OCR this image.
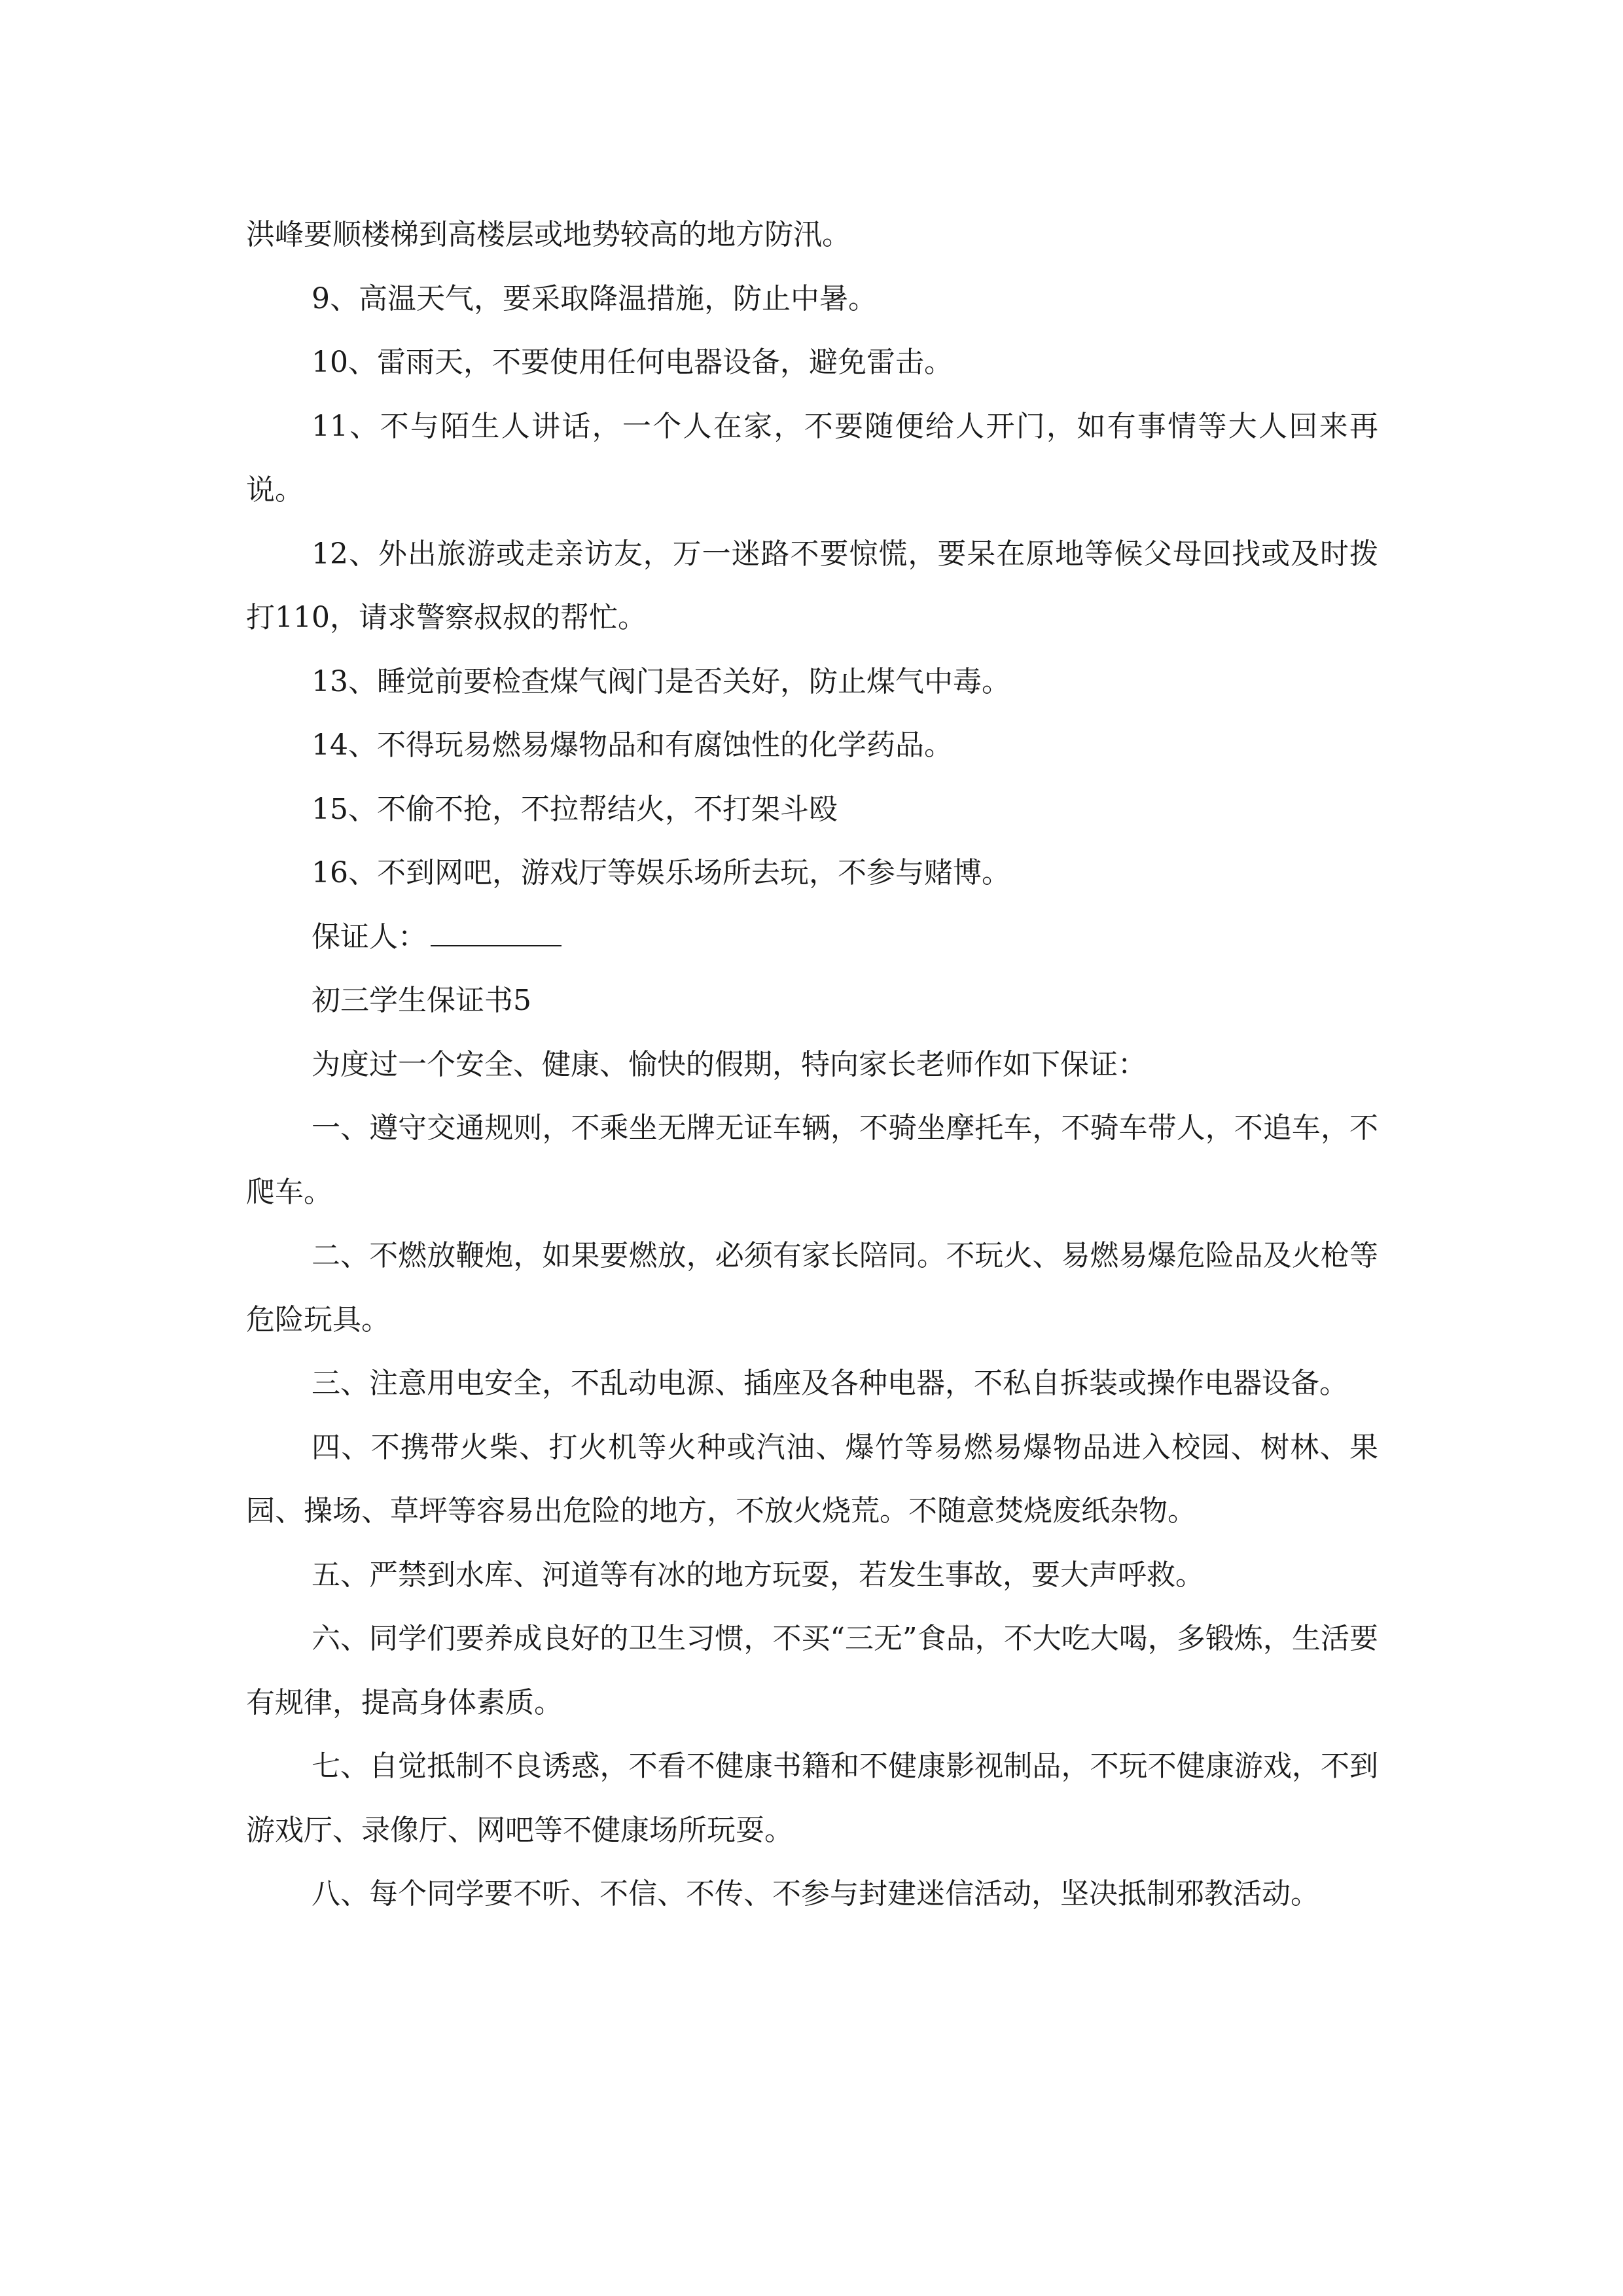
洪峰要顺楼梯到高楼层或地势较高的地方防汛。

9、高温天气，要采取降温措施，防止中暑。

10、雷雨天，不要使用任何电器设备，避免雷击。

11、不与陌生人讲话，一个人在家，不要随便给人开门，如有事情等大人回来再说。

12、外出旅游或走亲访友，万一迷路不要惊慌，要呆在原地等候父母回找或及时拨打110，请求警察叔叔的帮忙。

13、睡觉前要检查煤气阀门是否关好，防止煤气中毒。

14、不得玩易燃易爆物品和有腐蚀性的化学药品。

15、不偷不抢，不拉帮结火，不打架斗殴

16、不到网吧，游戏厅等娱乐场所去玩，不参与赌博。

保证人：

初三学生保证书5

为度过一个安全、健康、愉快的假期，特向家长老师作如下保证：

一、遵守交通规则，不乘坐无牌无证车辆，不骑坐摩托车，不骑车带人，不追车，不爬车。

二、不燃放鞭炮，如果要燃放，必须有家长陪同。不玩火、易燃易爆危险品及火枪等危险玩具。

三、注意用电安全，不乱动电源、插座及各种电器，不私自拆装或操作电器设备。

四、不携带火柴、打火机等火种或汽油、爆竹等易燃易爆物品进入校园、树林、果园、操场、草坪等容易出危险的地方，不放火烧荒。不随意焚烧废纸杂物。

五、严禁到水库、河道等有冰的地方玩耍，若发生事故，要大声呼救。

六、同学们要养成良好的卫生习惯，不买“三无”食品，不大吃大喝，多锻炼，生活要有规律，提高身体素质。

七、自觉抵制不良诱惑，不看不健康书籍和不健康影视制品，不玩不健康游戏，不到游戏厅、录像厅、网吧等不健康场所玩耍。

八、每个同学要不听、不信、不传、不参与封建迷信活动，坚决抵制邪教活动。
